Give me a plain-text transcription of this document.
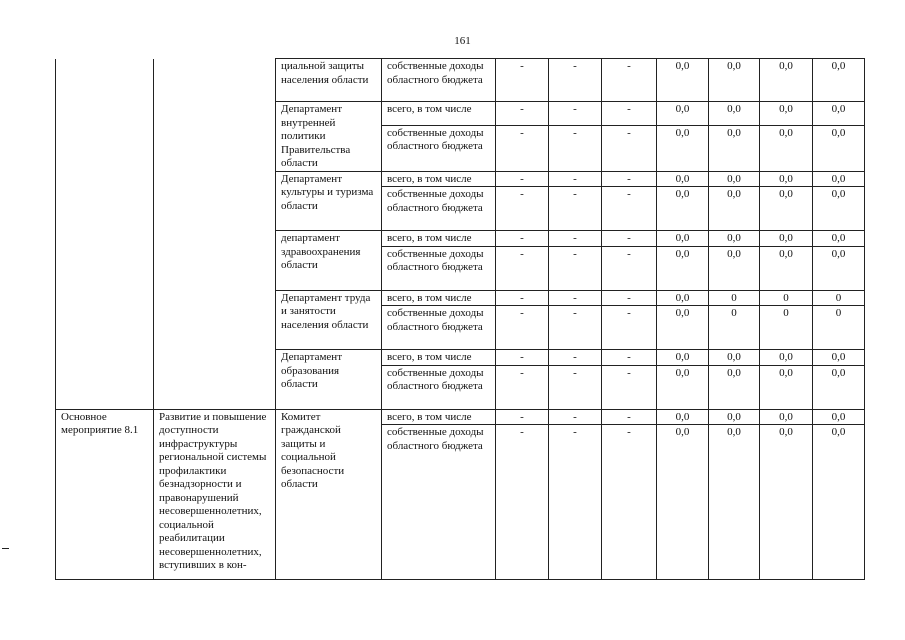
161
		циальной защиты населения области	собственные доходы областного бюджета	-	-	-	0,0	0,0	0,0	0,0
		Департамент внутренней политики Правительства области	всего, в том числе	-	-	-	0,0	0,0	0,0	0,0
			собственные доходы областного бюджета	-	-	-	0,0	0,0	0,0	0,0
		Департамент культуры и туризма области	всего, в том числе	-	-	-	0,0	0,0	0,0	0,0
			собственные доходы областного бюджета	-	-	-	0,0	0,0	0,0	0,0
		департамент здравоохранения области	всего, в том числе	-	-	-	0,0	0,0	0,0	0,0
			собственные доходы областного бюджета	-	-	-	0,0	0,0	0,0	0,0
		Департамент труда и занятости населения области	всего, в том числе	-	-	-	0,0	0	0	0
			собственные доходы областного бюджета	-	-	-	0,0	0	0	0
		Департамент образования области	всего, в том числе	-	-	-	0,0	0,0	0,0	0,0
			собственные доходы областного бюджета	-	-	-	0,0	0,0	0,0	0,0
Основное мероприятие 8.1	Развитие и повышение доступности инфраструктуры региональной системы профилактики безнадзорности и правонарушений несовершеннолетних, социальной реабилитации несовершеннолетних, вступивших в кон-	Комитет гражданской защиты и социальной безопасности области	всего, в том числе	-	-	-	0,0	0,0	0,0	0,0
			собственные доходы областного бюджета	-	-	-	0,0	0,0	0,0	0,0
